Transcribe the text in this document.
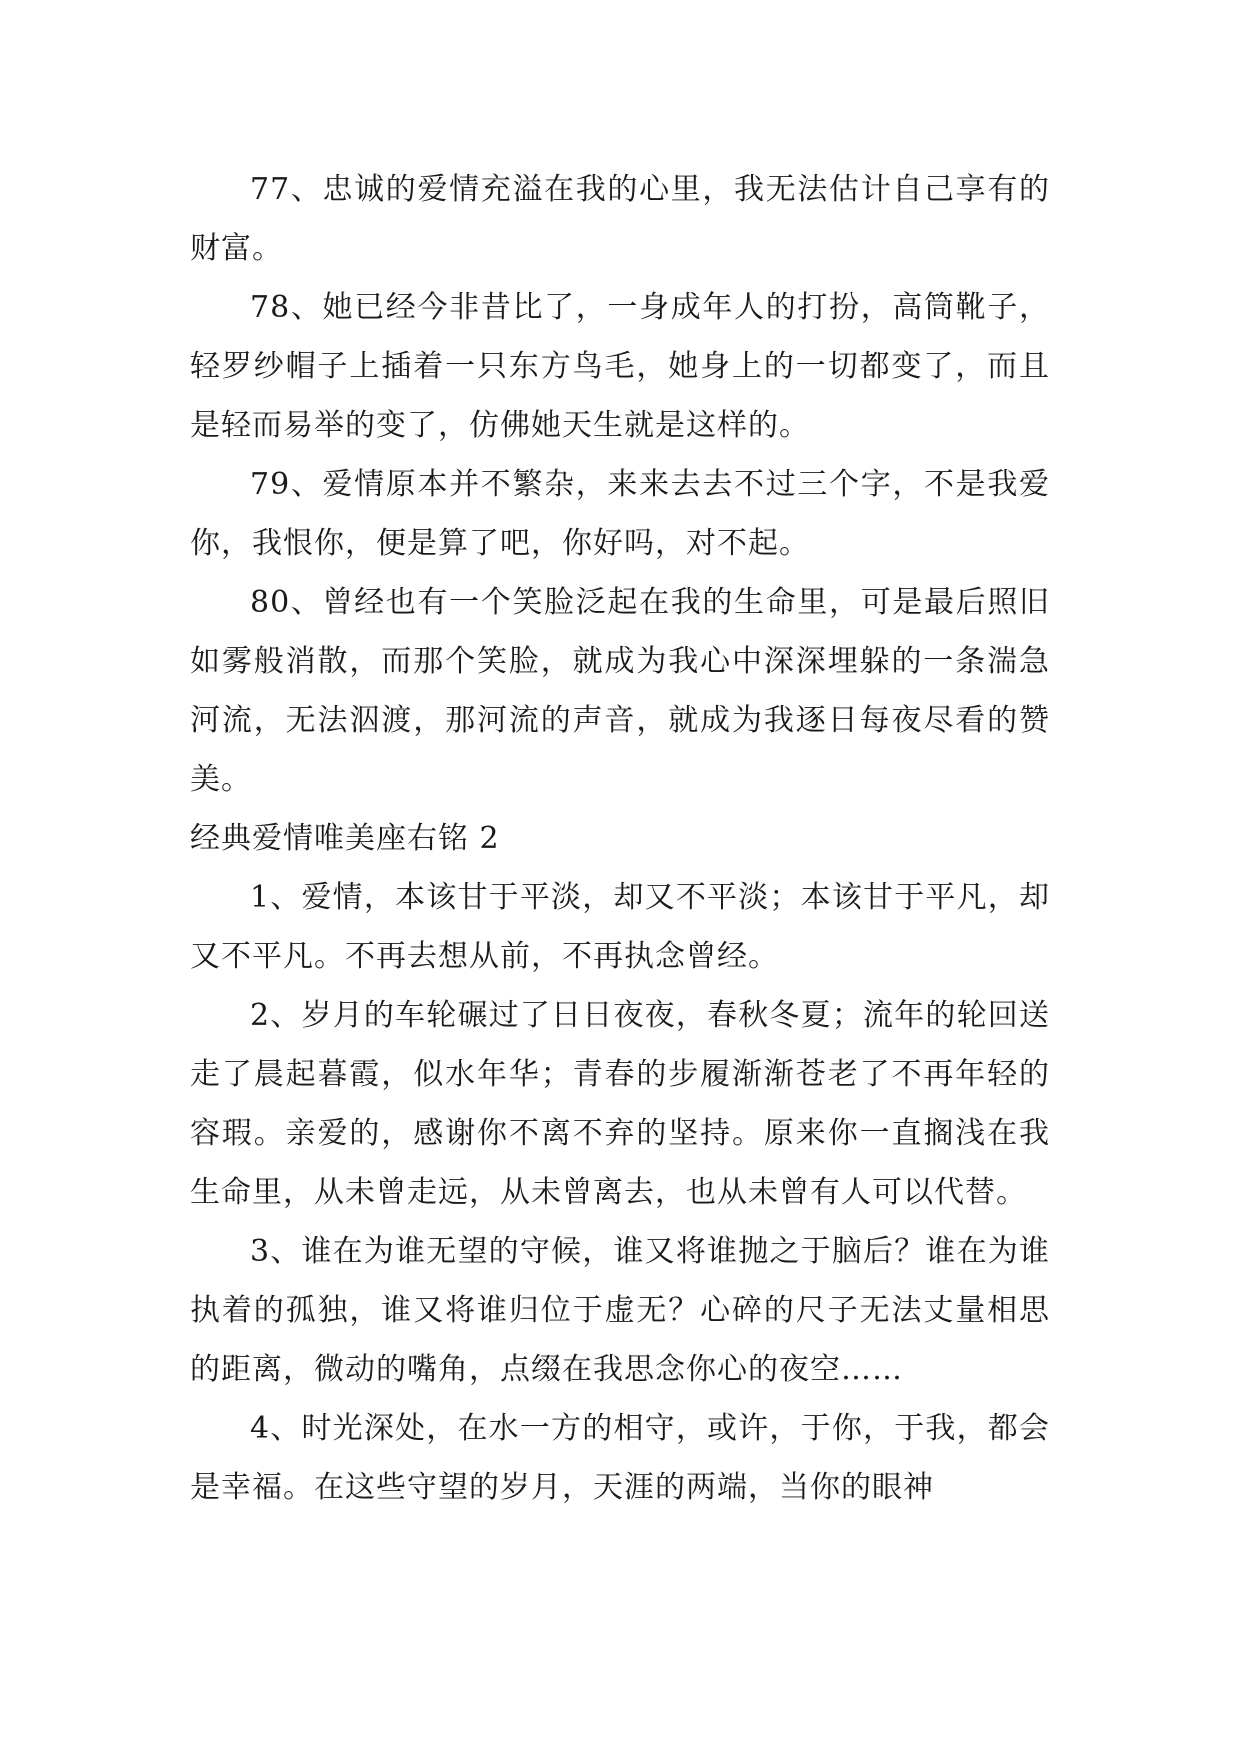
77、忠诚的爱情充溢在我的心里，我无法估计自己享有的财富。

78、她已经今非昔比了，一身成年人的打扮，高筒靴子，轻罗纱帽子上插着一只东方鸟毛，她身上的一切都变了，而且是轻而易举的变了，仿佛她天生就是这样的。

79、爱情原本并不繁杂，来来去去不过三个字，不是我爱你，我恨你，便是算了吧，你好吗，对不起。

80、曾经也有一个笑脸泛起在我的生命里，可是最后照旧如雾般消散，而那个笑脸，就成为我心中深深埋躲的一条湍急河流，无法泅渡，那河流的声音，就成为我逐日每夜尽看的赞美。

经典爱情唯美座右铭 2

1、爱情，本该甘于平淡，却又不平淡；本该甘于平凡，却又不平凡。不再去想从前，不再执念曾经。

2、岁月的车轮碾过了日日夜夜，春秋冬夏；流年的轮回送走了晨起暮霞，似水年华；青春的步履渐渐苍老了不再年轻的容瑕。亲爱的，感谢你不离不弃的坚持。原来你一直搁浅在我生命里，从未曾走远，从未曾离去，也从未曾有人可以代替。

3、谁在为谁无望的守候，谁又将谁抛之于脑后？谁在为谁执着的孤独，谁又将谁归位于虚无？心碎的尺子无法丈量相思的距离，微动的嘴角，点缀在我思念你心的夜空……

4、时光深处，在水一方的相守，或许，于你，于我，都会是幸福。在这些守望的岁月，天涯的两端，当你的眼神
